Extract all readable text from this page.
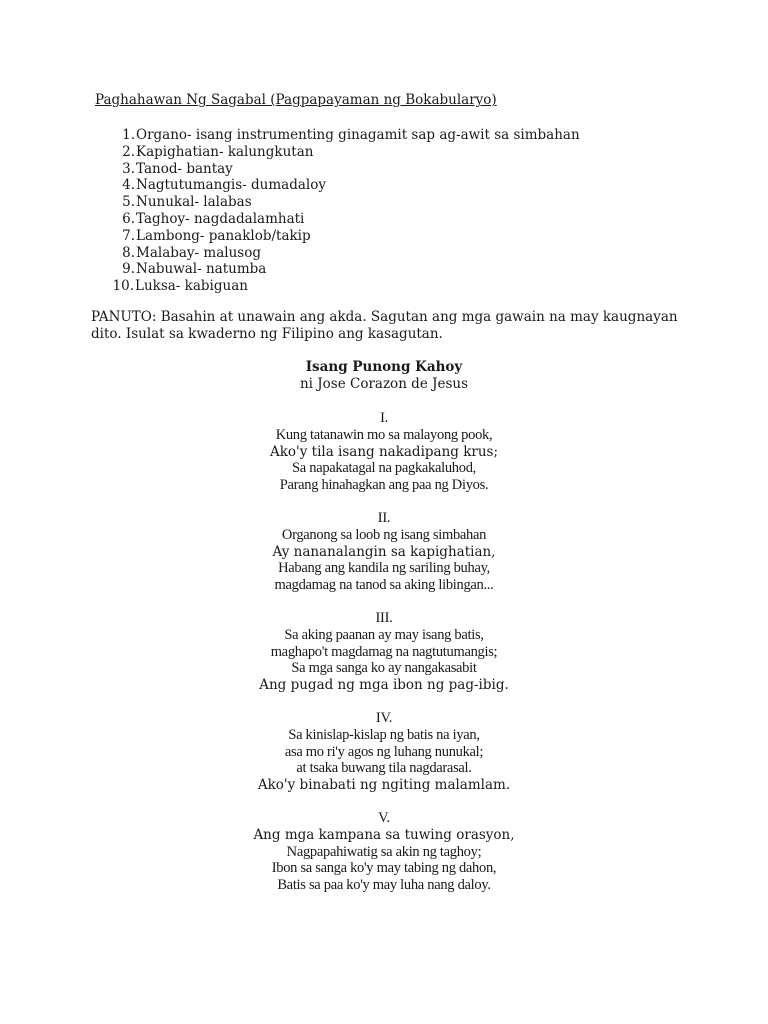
Paghahawan Ng Sagabal (Pagpapayaman ng Bokabularyo)
1.Organo- isang instrumenting ginagamit sap ag-awit sa simbahan
2.Kapighatian- kalungkutan
3.Tanod- bantay
4.Nagtutumangis- dumadaloy
5.Nunukal- lalabas
6.Taghoy- nagdadalamhati
7.Lambong- panaklob/takip
8.Malabay- malusog
9.Nabuwal- natumba
10.Luksa- kabiguan
PANUTO: Basahin at unawain ang akda. Sagutan ang mga gawain na may kaugnayan dito. Isulat sa kwaderno ng Filipino ang kasagutan.
Isang Punong Kahoy
ni Jose Corazon de Jesus
I.
Kung tatanawin mo sa malayong pook,
Ako'y tila isang nakadipang krus;
Sa napakatagal na pagkakaluhod,
Parang hinahagkan ang paa ng Diyos.
II.
Organong sa loob ng isang simbahan
Ay nananalangin sa kapighatian,
Habang ang kandila ng sariling buhay,
magdamag na tanod sa aking libingan...
III.
Sa aking paanan ay may isang batis,
maghapo't magdamag na nagtutumangis;
Sa mga sanga ko ay nangakasabit
Ang pugad ng mga ibon ng pag-ibig.
IV.
Sa kinislap-kislap ng batis na iyan,
asa mo ri'y agos ng luhang nunukal;
at tsaka buwang tila nagdarasal.
Ako'y binabati ng ngiting malamlam.
V.
Ang mga kampana sa tuwing orasyon,
Nagpapahiwatig sa akin ng taghoy;
Ibon sa sanga ko'y may tabing ng dahon,
Batis sa paa ko'y may luha nang daloy.
